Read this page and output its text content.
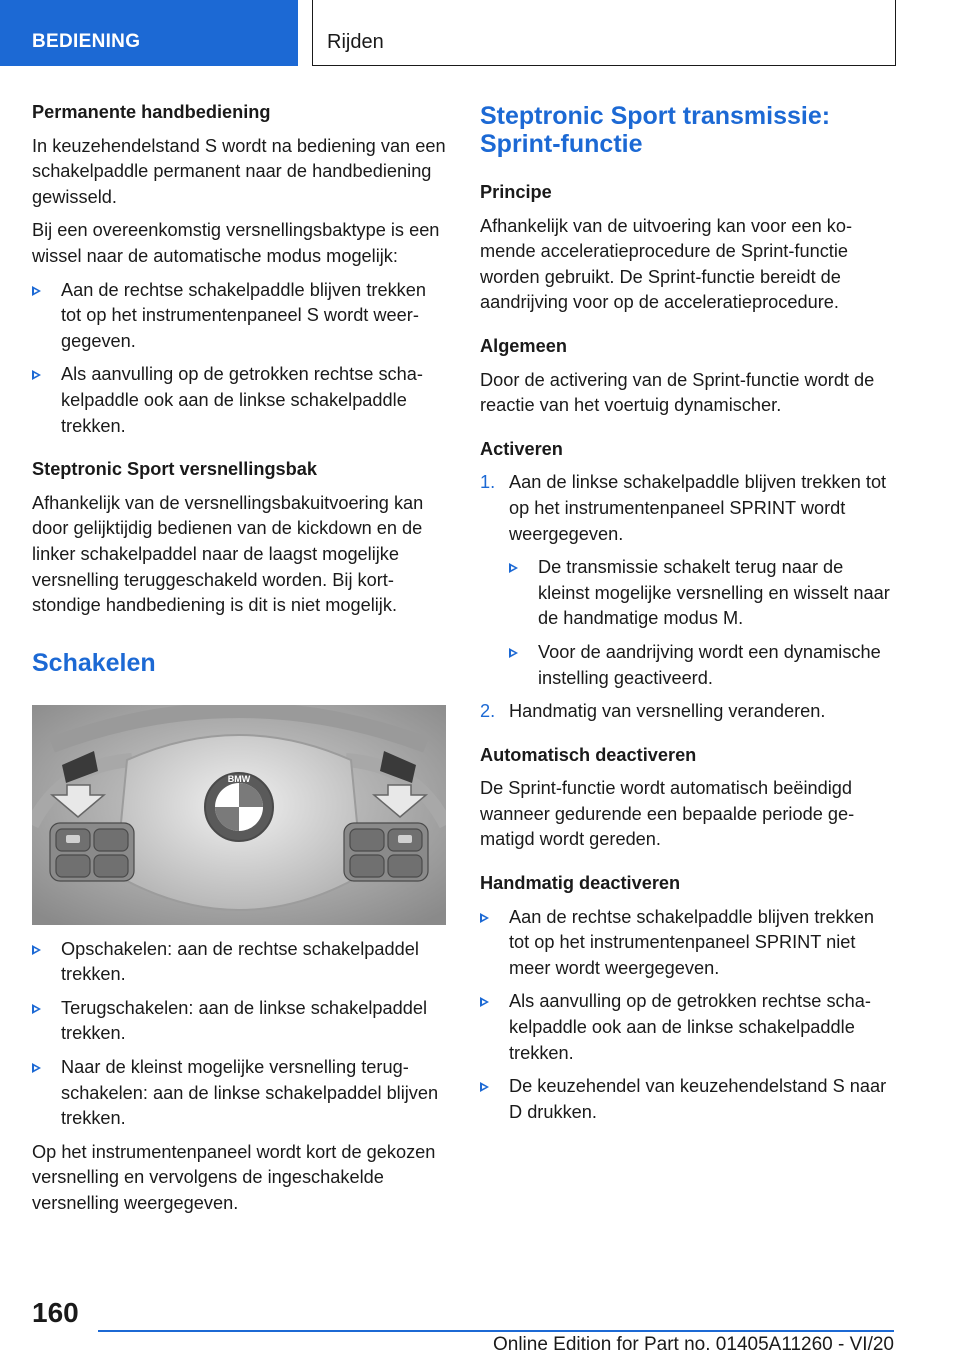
BEDIENING	Rijden

Permanente handbediening

In keuzehendelstand S wordt na bediening van een schakelpaddle permanent naar de handbediening gewisseld.

Bij een overeenkomstig versnellingsbaktype is een wissel naar de automatische modus mogelijk:

Aan de rechtse schakelpaddle blijven trekken tot op het instrumentenpaneel S wordt weergegeven.
Als aanvulling op de getrokken rechtse schakelpaddle ook aan de linkse schakelpaddle trekken.

Steptronic Sport versnellingsbak

Afhankelijk van de versnellingsbakuitvoering kan door gelijktijdig bedienen van de kickdown en de linker schakelpaddel naar de laagst mogelijke versnelling teruggeschakeld worden. Bij kortstondige handbediening is dit is niet mogelijk.

Schakelen
BMW
Opschakelen: aan de rechtse schakelpaddel trekken.
Terugschakelen: aan de linkse schakelpaddel trekken.
Naar de kleinst mogelijke versnelling terugschakelen: aan de linkse schakelpaddel blijven trekken.

Op het instrumentenpaneel wordt kort de gekozen versnelling en vervolgens de ingeschakelde versnelling weergegeven.

Steptronic Sport transmissie: Sprint-functie

Principe

Afhankelijk van de uitvoering kan voor een komende acceleratieprocedure de Sprint-functie worden gebruikt. De Sprint-functie bereidt de aandrijving voor op de acceleratieprocedure.

Algemeen

Door de activering van de Sprint-functie wordt de reactie van het voertuig dynamischer.

Activeren

1. Aan de linkse schakelpaddle blijven trekken tot op het instrumentenpaneel SPRINT wordt weergegeven.
De transmissie schakelt terug naar de kleinst mogelijke versnelling en wisselt naar de handmatige modus M.
Voor de aandrijving wordt een dynamische instelling geactiveerd.
2. Handmatig van versnelling veranderen.

Automatisch deactiveren

De Sprint-functie wordt automatisch beëindigd wanneer gedurende een bepaalde periode gematigd wordt gereden.

Handmatig deactiveren

Aan de rechtse schakelpaddle blijven trekken tot op het instrumentenpaneel SPRINT niet meer wordt weergegeven.
Als aanvulling op de getrokken rechtse schakelpaddle ook aan de linkse schakelpaddle trekken.
De keuzehendel van keuzehendelstand S naar D drukken.
160
Online Edition for Part no. 01405A11260 - VI/20
